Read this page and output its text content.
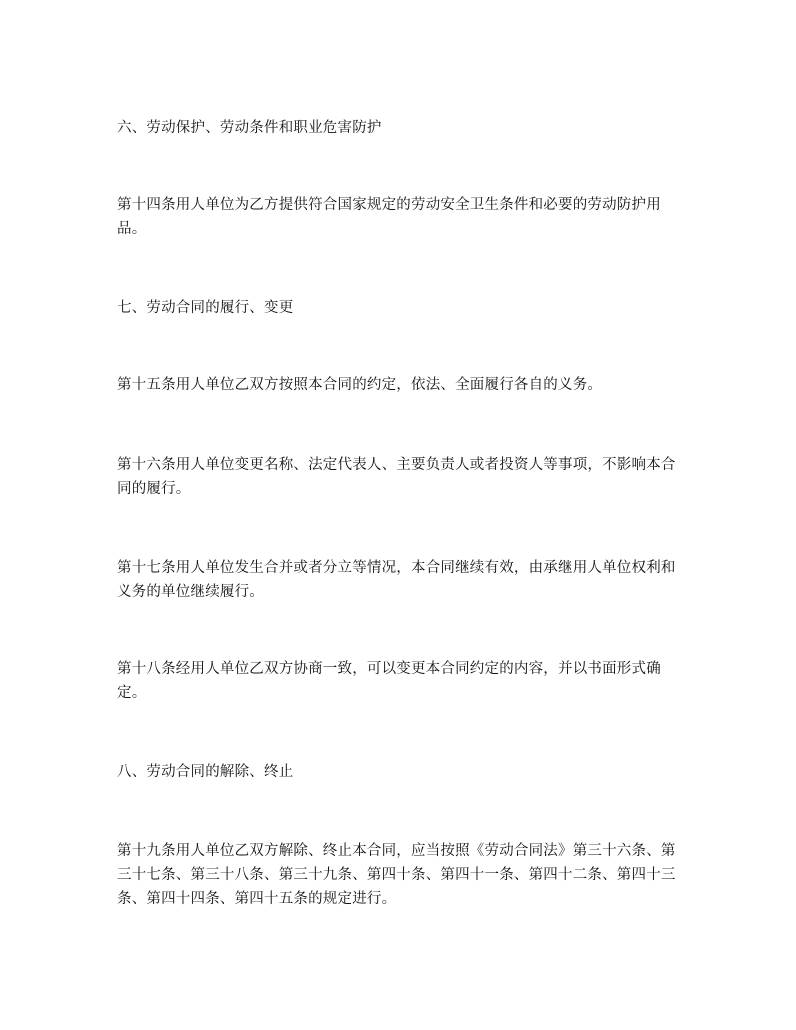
六、劳动保护、劳动条件和职业危害防护

第十四条用人单位为乙方提供符合国家规定的劳动安全卫生条件和必要的劳动防护用品。

七、劳动合同的履行、变更

第十五条用人单位乙双方按照本合同的约定，依法、全面履行各自的义务。

第十六条用人单位变更名称、法定代表人、主要负责人或者投资人等事项，不影响本合同的履行。

第十七条用人单位发生合并或者分立等情况，本合同继续有效，由承继用人单位权利和义务的单位继续履行。

第十八条经用人单位乙双方协商一致，可以变更本合同约定的内容，并以书面形式确定。

八、劳动合同的解除、终止

第十九条用人单位乙双方解除、终止本合同，应当按照《劳动合同法》第三十六条、第三十七条、第三十八条、第三十九条、第四十条、第四十一条、第四十二条、第四十三条、第四十四条、第四十五条的规定进行。
